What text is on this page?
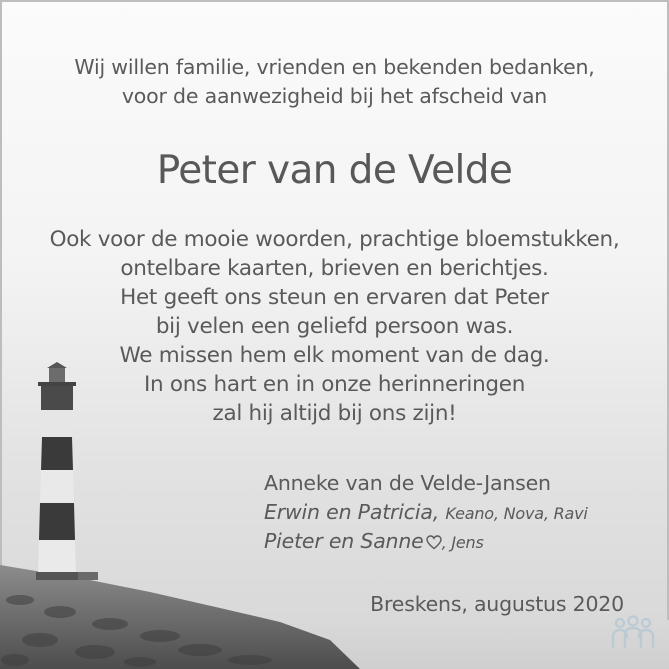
Wij willen familie, vrienden en bekenden bedanken,

voor de aanwezigheid bij het afscheid van

Peter van de Velde
Ook voor de mooie woorden, prachtige bloemstukken,
ontelbare kaarten, brieven en berichtjes.
Het geeft ons steun en ervaren dat Peter
bij velen een geliefd persoon was.
We missen hem elk moment van de dag.
In ons hart en in onze herinneringen
zal hij altijd bij ons zijn!
Anneke van de Velde-Jansen
Erwin en Patricia, Keano, Nova, Ravi
Pieter en Sanne , Jens
Breskens, augustus 2020
